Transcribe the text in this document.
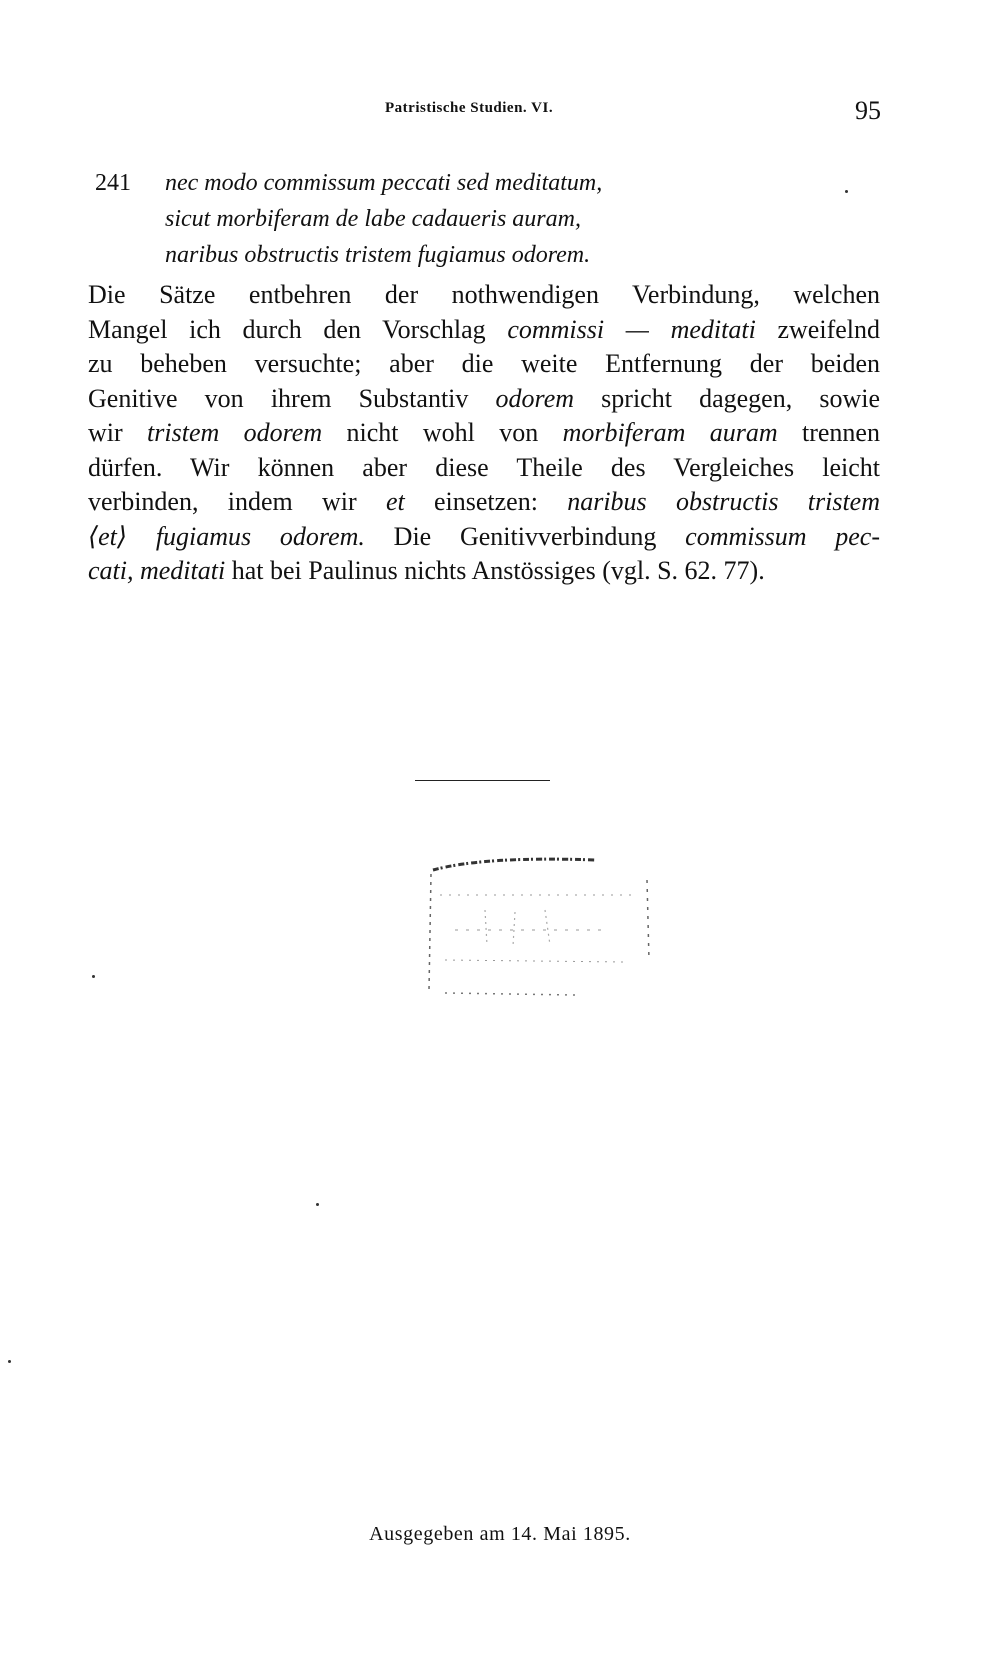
Patristische Studien. VI.	95
241 nec modo commissum peccati sed meditatum,
sicut morbiferam de labe cadaueris auram,
naribus obstructis tristem fugiamus odorem.
Die Sätze entbehren der nothwendigen Verbindung, welchen
Mangel ich durch den Vorschlag commissi — meditati zweifelnd
zu beheben versuchte; aber die weite Entfernung der beiden
Genitive von ihrem Substantiv odorem spricht dagegen, sowie
wir tristem odorem nicht wohl von morbiferam auram trennen
dürfen. Wir können aber diese Theile des Vergleiches leicht
verbinden, indem wir et einsetzen: naribus obstructis tristem
⟨et⟩ fugiamus odorem. Die Genitivverbindung commissum pec-
cati, meditati hat bei Paulinus nichts Anstössiges (vgl. S. 62. 77).
Ausgegeben am 14. Mai 1895.
